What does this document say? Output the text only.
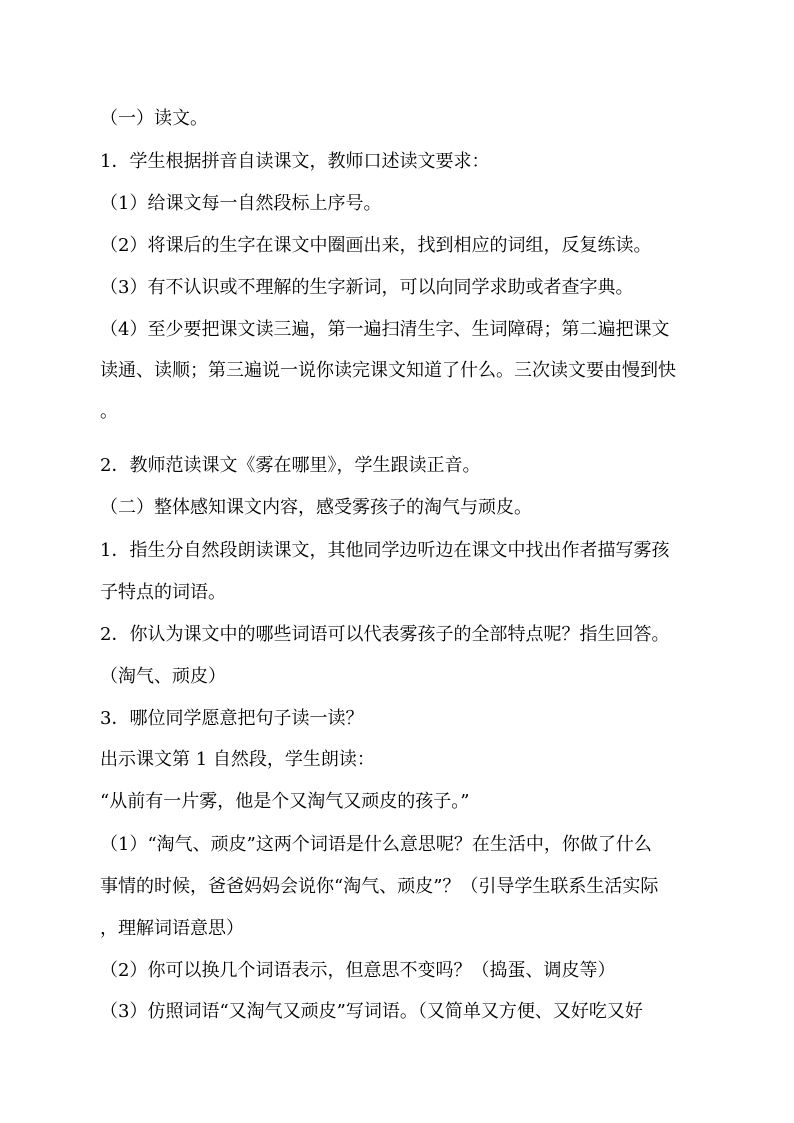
（一）读文。
1．学生根据拼音自读课文，教师口述读文要求：
（1）给课文每一自然段标上序号。
（2）将课后的生字在课文中圈画出来，找到相应的词组，反复练读。
（3）有不认识或不理解的生字新词，可以向同学求助或者查字典。
（4）至少要把课文读三遍，第一遍扫清生字、生词障碍；第二遍把课文
读通、读顺；第三遍说一说你读完课文知道了什么。三次读文要由慢到快
。
2．教师范读课文《雾在哪里》，学生跟读正音。
（二）整体感知课文内容，感受雾孩子的淘气与顽皮。
1．指生分自然段朗读课文，其他同学边听边在课文中找出作者描写雾孩
子特点的词语。
2．你认为课文中的哪些词语可以代表雾孩子的全部特点呢？指生回答。
（淘气、顽皮）
3．哪位同学愿意把句子读一读？
出示课文第 1 自然段，学生朗读：
“从前有一片雾，他是个又淘气又顽皮的孩子。”
（1）“淘气、顽皮”这两个词语是什么意思呢？在生活中，你做了什么
事情的时候，爸爸妈妈会说你“淘气、顽皮”？（引导学生联系生活实际
，理解词语意思）
（2）你可以换几个词语表示，但意思不变吗？（捣蛋、调皮等）
（3）仿照词语“又淘气又顽皮”写词语。（又简单又方便、又好吃又好
